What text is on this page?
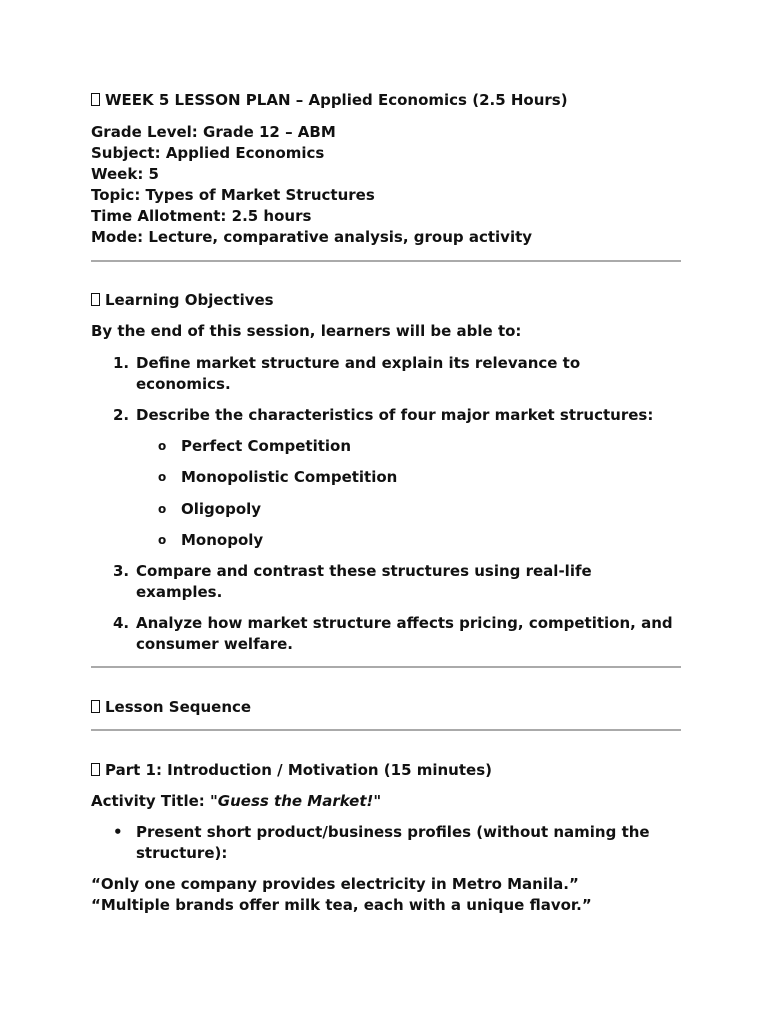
WEEK 5 LESSON PLAN – Applied Economics (2.5 Hours)

Grade Level: Grade 12 – ABM

Subject: Applied Economics

Week: 5

Topic: Types of Market Structures

Time Allotment: 2.5 hours

Mode: Lecture, comparative analysis, group activity

Learning Objectives

By the end of this session, learners will be able to:

1. Define market structure and explain its relevance to
economics.
2. Describe the characteristics of four major market structures:
o Perfect Competition
o Monopolistic Competition
o Oligopoly
o Monopoly
3. Compare and contrast these structures using real-life
examples.
4. Analyze how market structure affects pricing, competition, and
consumer welfare.

Lesson Sequence

Part 1: Introduction / Motivation (15 minutes)

Activity Title: "Guess the Market!"

• Present short product/business profiles (without naming the
structure):

“Only one company provides electricity in Metro Manila.”

“Multiple brands offer milk tea, each with a unique flavor.”
